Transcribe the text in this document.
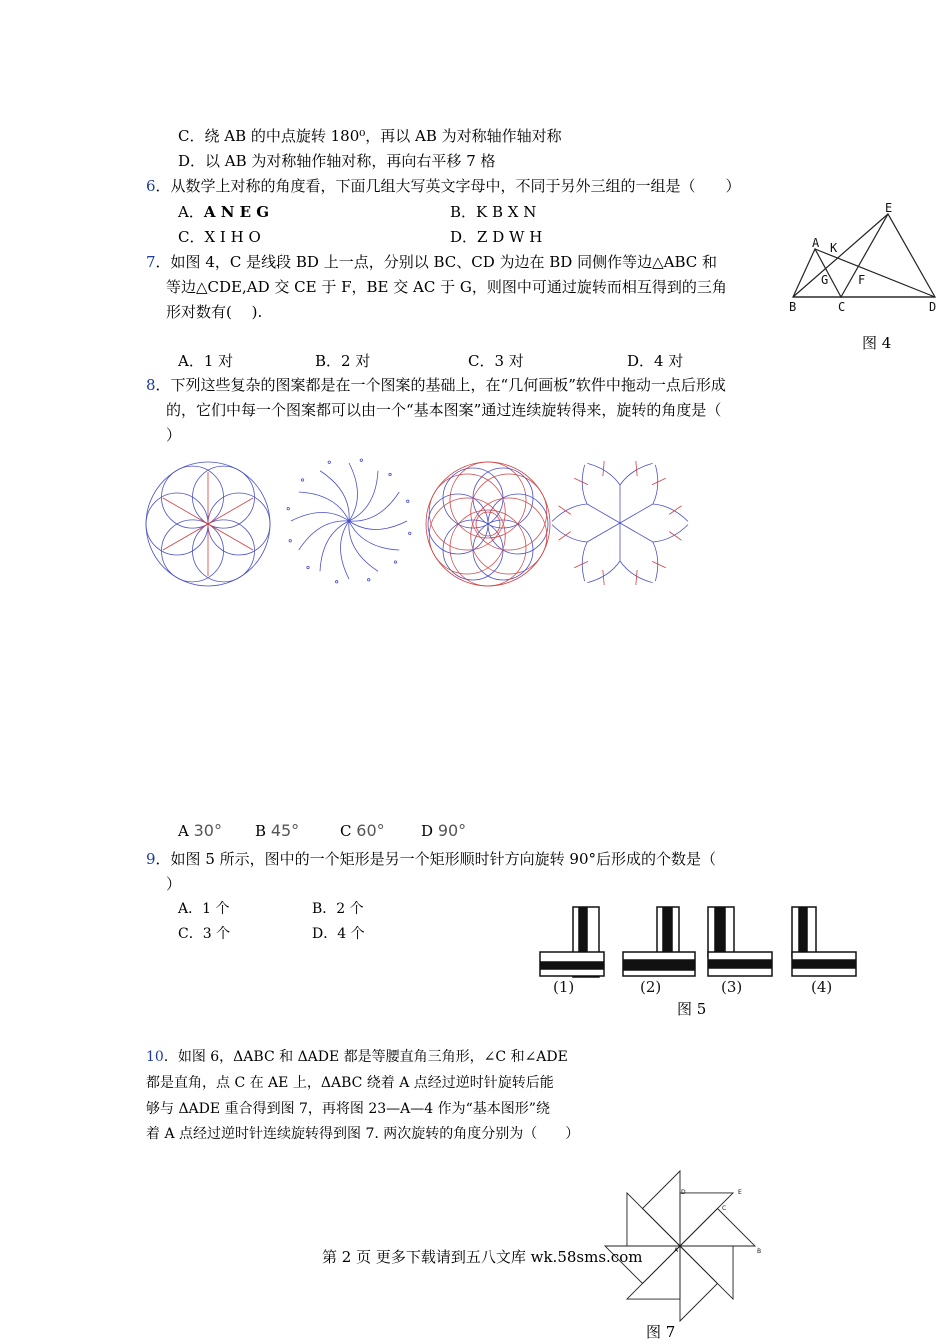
C．绕 AB 的中点旋转 180⁰，再以 AB 为对称轴作轴对称
D．以 AB 为对称轴作轴对称，再向右平移 7 格
6．从数学上对称的角度看，下面几组大写英文字母中，不同于另外三组的一组是（　　）
A．A N E G	B．K B X N
C．X I H O	D．Z D W H
7．如图 4，C 是线段 BD 上一点，分别以 BC、CD 为边在 BD 同侧作等边△ABC 和
等边△CDE,AD 交 CE 于 F，BE 交 AC 于 G，则图中可通过旋转而相互得到的三角
形对数有(　 ).
E
A K
G F
B	C	D
图 4
A．1 对	B．2 对	C．3 对	D．4 对
8．下列这些复杂的图案都是在一个图案的基础上，在“几何画板”软件中拖动一点后形成
的，它们中每一个图案都可以由一个“基本图案”通过连续旋转得来，旋转的角度是（
）
A 30° B 45°	C 60° D 90°
9．如图 5 所示，图中的一个矩形是另一个矩形顺时针方向旋转 90°后形成的个数是（
）
A．1 个	B．2 个
C．3 个	D．4 个
(1)	(2)	(3)	(4)
图 5
10．如图 6，ΔABC 和 ΔADE 都是等腰直角三角形，∠C 和∠ADE
都是直角，点 C 在 AE 上，ΔABC 绕着 A 点经过逆时针旋转后能
够与 ΔADE 重合得到图 7，再将图 23—A—4 作为“基本图形”绕
着 A 点经过逆时针连续旋转得到图 7. 两次旋转的角度分别为（　　）
D	E
C
A	B
第 2 页 更多下载请到五八文库 wk.58sms.com
图 7
